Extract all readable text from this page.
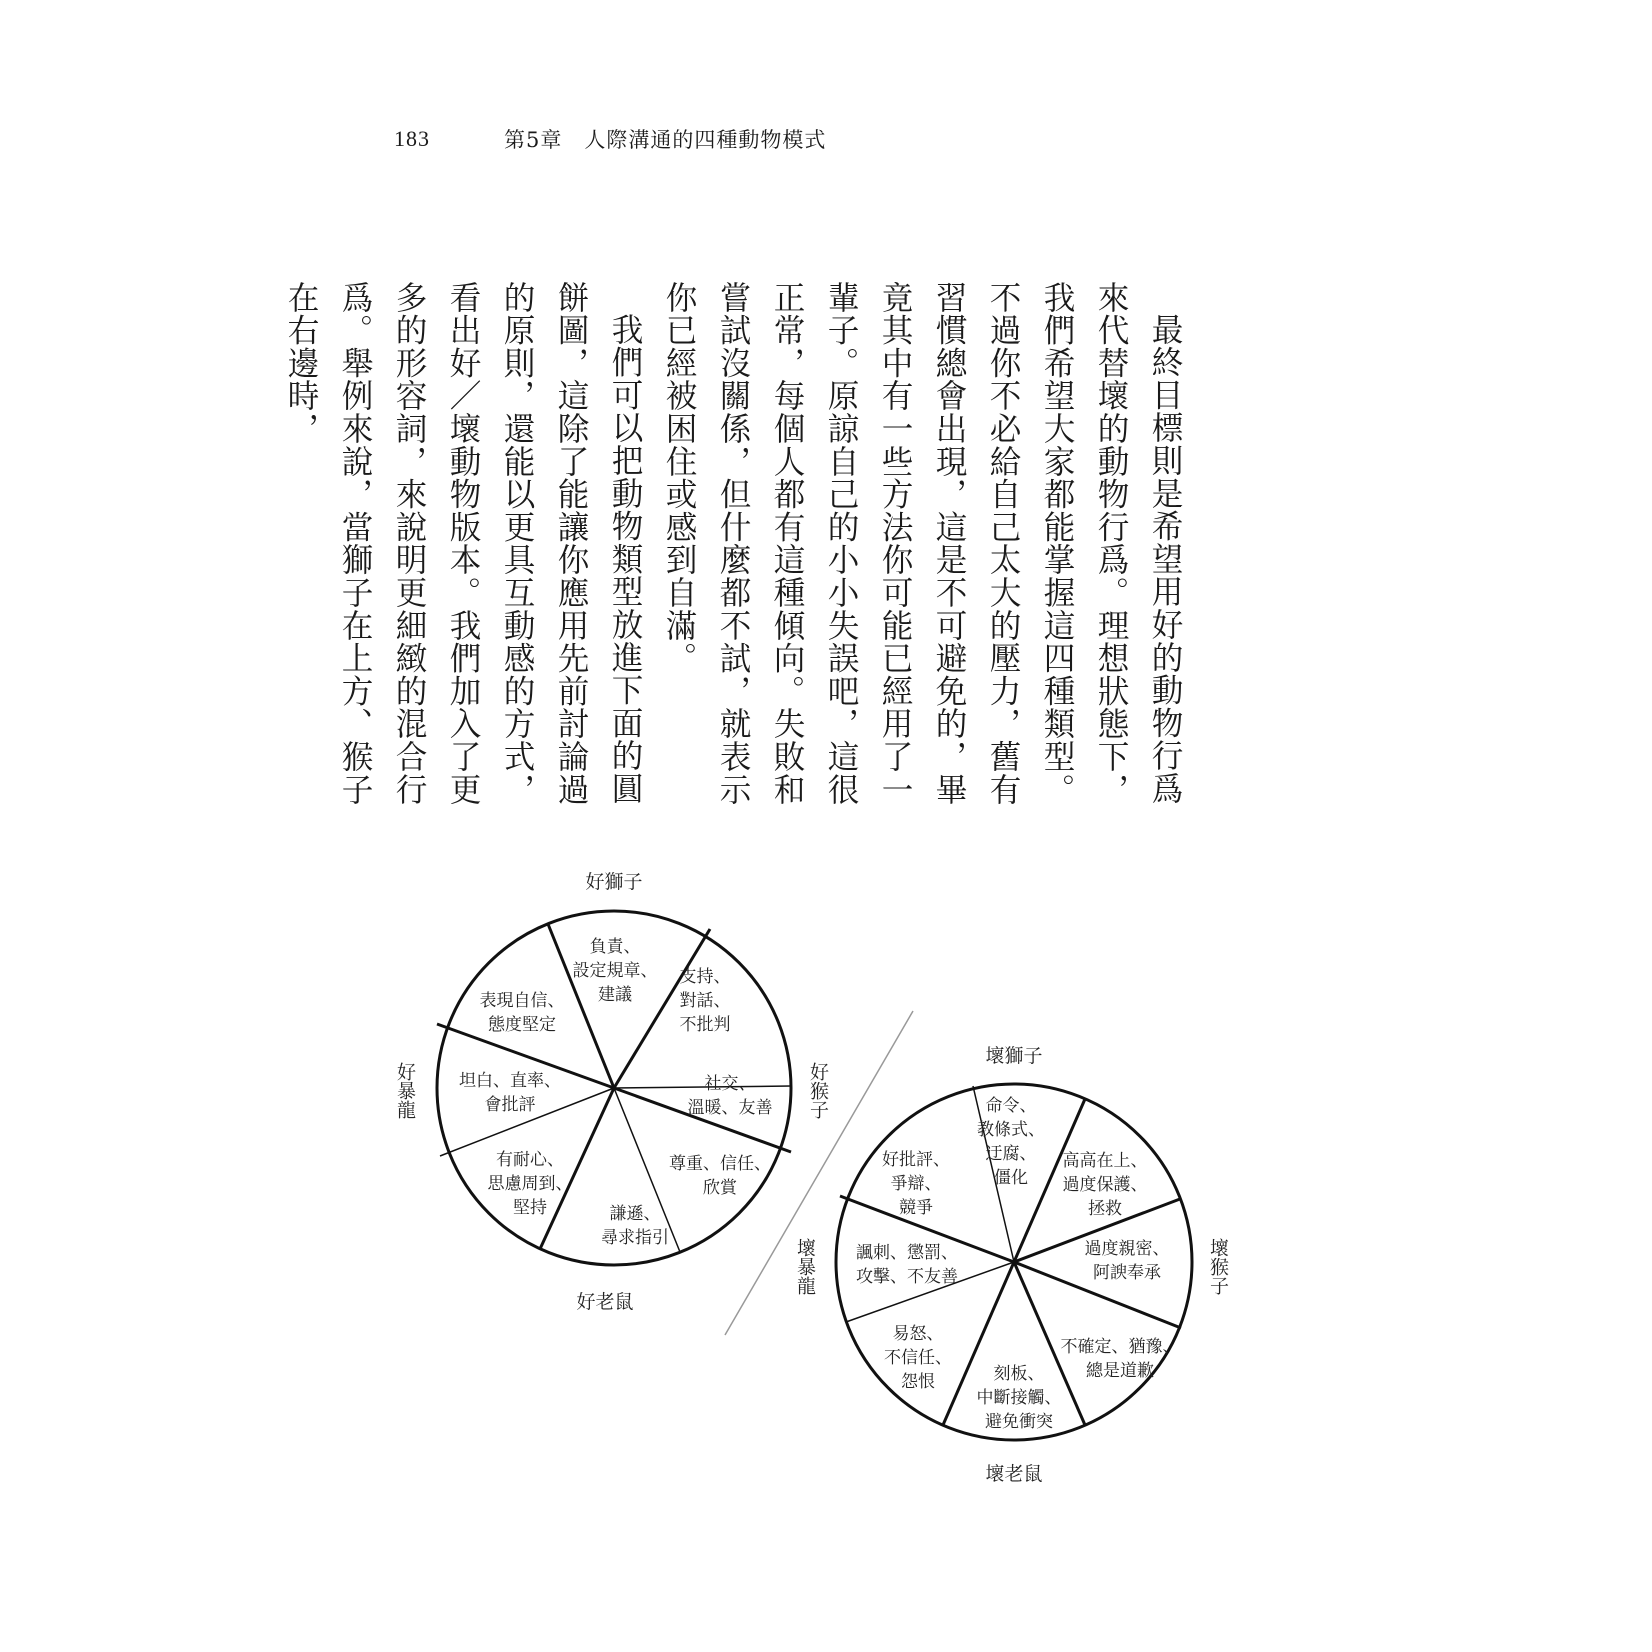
183	第5章　人際溝通的四種動物模式

最終目標則是希望用好的動物行爲來代替壞的動物行爲。理想狀態下，我們希望大家都能掌握這四種類型。不過你不必給自己太大的壓力，舊有習慣總會出現，這是不可避免的，畢竟其中有一些方法你可能已經用了一輩子。原諒自己的小小失誤吧，這很正常，每個人都有這種傾向。失敗和嘗試沒關係，但什麼都不試，就表示你已經被困住或感到自滿。

我們可以把動物類型放進下面的圓餅圖，這除了能讓你應用先前討論過的原則，還能以更具互動感的方式，看出好／壞動物版本。我們加入了更多的形容詞，來說明更細緻的混合行爲。舉例來說，當獅子在上方、猴子在右邊時，

好獅子
好老鼠
好猴子
好暴龍
負責、設定規章、建議
支持、對話、不批判
社交、溫暖、友善
尊重、信任、欣賞
謙遜、尋求指引
有耐心、思慮周到、堅持
坦白、直率、會批評
表現自信、態度堅定
壞獅子
壞老鼠
壞猴子
壞暴龍
命令、教條式、迂腐、僵化
高高在上、過度保護、拯救
過度親密、阿諛奉承
不確定、猶豫、總是道歉
刻板、中斷接觸、避免衝突
易怒、不信任、怨恨
諷刺、懲罰、攻擊、不友善
好批評、爭辯、競爭
